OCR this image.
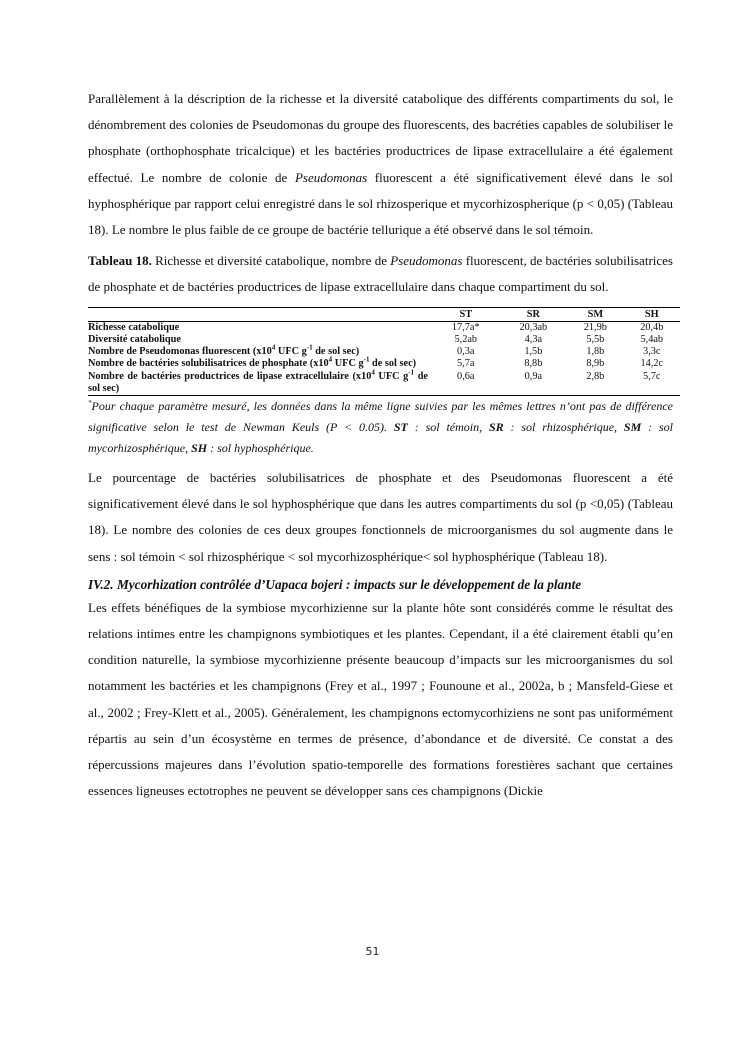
Parallèlement à la déscription de la richesse et la diversité catabolique des différents compartiments du sol, le dénombrement des colonies de Pseudomonas du groupe des fluorescents, des bacréties capables de solubiliser le phosphate (orthophosphate tricalcique) et les bactéries productrices de lipase extracellulaire a été également effectué. Le nombre de colonie de Pseudomonas fluorescent a été significativement élevé dans le sol hyphosphérique par rapport celui enregistré dans le sol rhizosperique et mycorhizospherique (p < 0,05) (Tableau 18). Le nombre le plus faible de ce groupe de bactérie tellurique a été observé dans le sol témoin.

Tableau 18. Richesse et diversité catabolique, nombre de Pseudomonas fluorescent, de bactéries solubilisatrices de phosphate et de bactéries productrices de lipase extracellulaire dans chaque compartiment du sol.

	ST	SR	SM	SH
Richesse catabolique	17,7a*	20,3ab	21,9b	20,4b
Diversité catabolique	5,2ab	4,3a	5,5b	5,4ab
Nombre de Pseudomonas fluorescent ($x10^4$ UFC $g^{-1}$ de sol sec)	0,3a	1,5b	1,8b	3,3c
Nombre de bactéries solubilisatrices de phosphate ($x10^4$ UFC $g^{-1}$ de sol sec)	5,7a	8,8b	8,9b	14,2c
Nombre de bactéries productrices de lipase extracellulaire ($x10^4$ UFC $g^{-1}$ de sol sec)	0,6a	0,9a	2,8b	5,7c

*Pour chaque paramètre mesuré, les données dans la même ligne suivies par les mêmes lettres n’ont pas de différence significative selon le test de Newman Keuls (P < 0.05). ST : sol témoin, SR : sol rhizosphérique, SM : sol mycorhizosphérique, SH : sol hyphosphérique.

Le pourcentage de bactéries solubilisatrices de phosphate et des Pseudomonas fluorescent a été significativement élevé dans le sol hyphosphérique que dans les autres compartiments du sol (p <0,05) (Tableau 18). Le nombre des colonies de ces deux groupes fonctionnels de microorganismes du sol augmente dans le sens : sol témoin < sol rhizosphérique < sol mycorhizosphérique< sol hyphosphérique (Tableau 18).

IV.2. Mycorhization contrôlée d’Uapaca bojeri : impacts sur le développement de la plante

Les effets bénéfiques de la symbiose mycorhizienne sur la plante hôte sont considérés comme le résultat des relations intimes entre les champignons symbiotiques et les plantes. Cependant, il a été clairement établi qu’en condition naturelle, la symbiose mycorhizienne présente beaucoup d’impacts sur les microorganismes du sol notamment les bactéries et les champignons (Frey et al., 1997 ; Founoune et al., 2002a, b ; Mansfeld-Giese et al., 2002 ; Frey-Klett et al., 2005). Généralement, les champignons ectomycorhiziens ne sont pas uniformément répartis au sein d’un écosystème en termes de présence, d’abondance et de diversité. Ce constat a des répercussions majeures dans l’évolution spatio-temporelle des formations forestières sachant que certaines essences ligneuses ectotrophes ne peuvent se développer sans ces champignons (Dickie

51
